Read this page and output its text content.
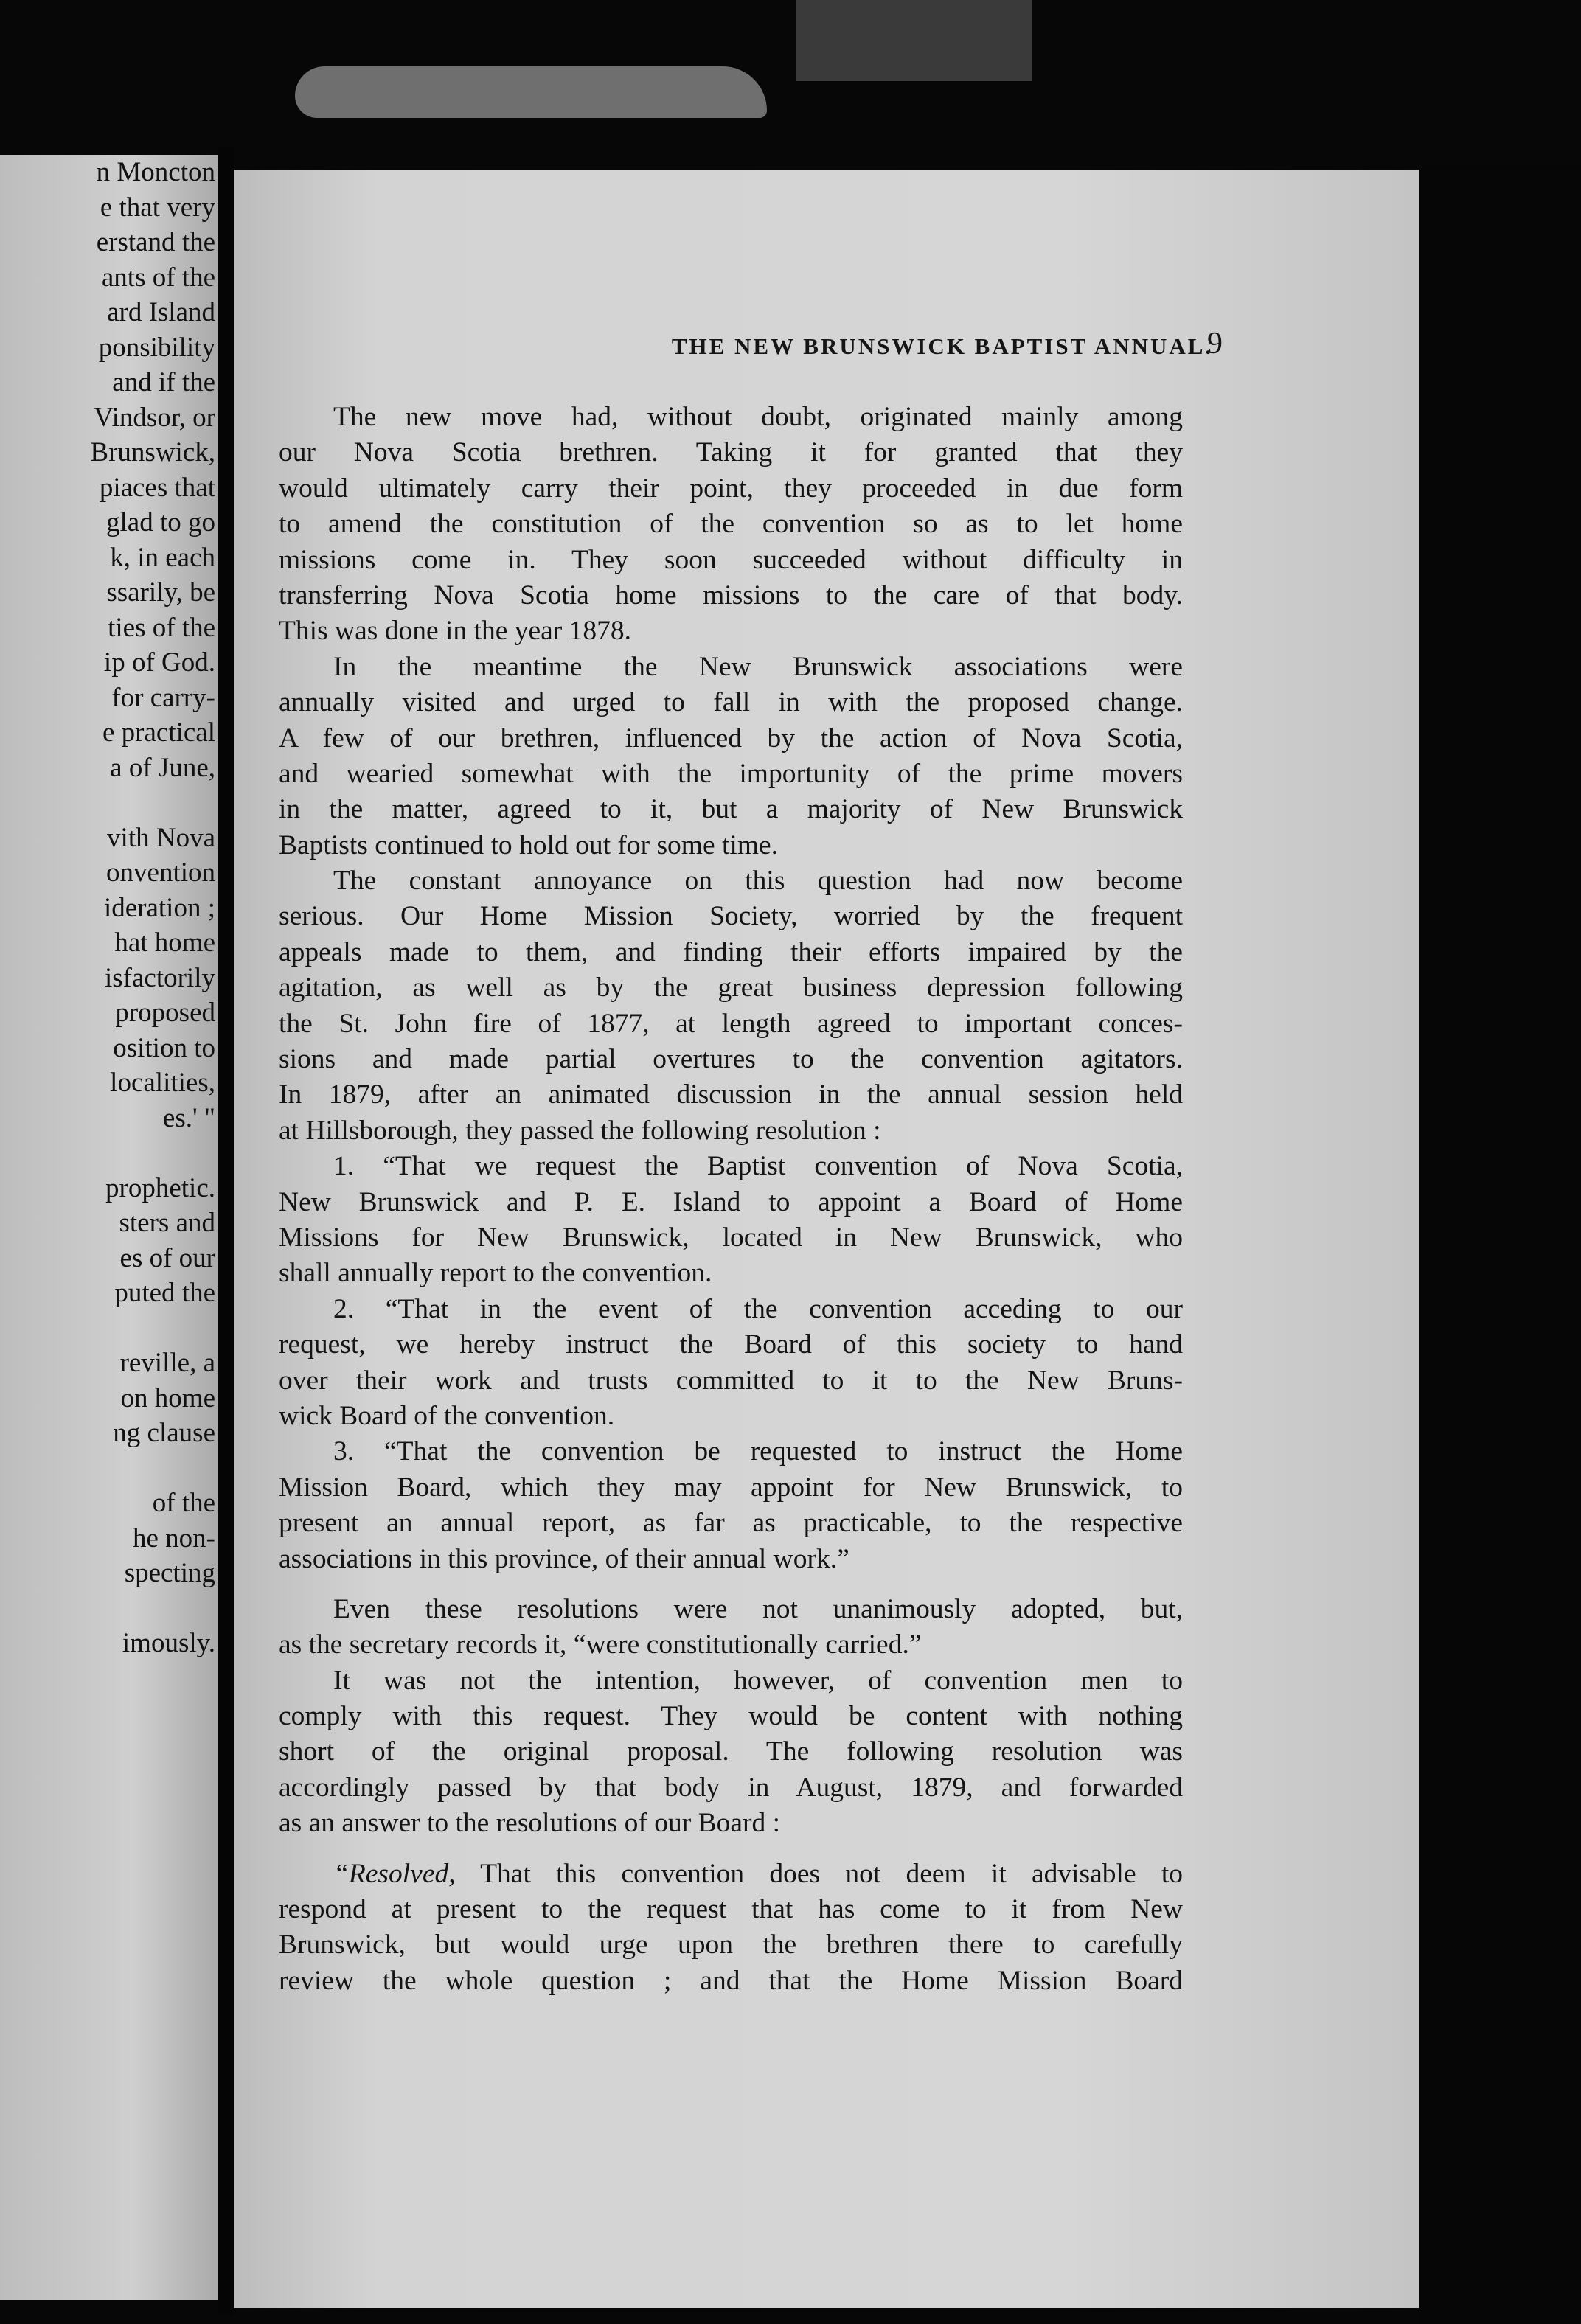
n Moncton
e that very
erstand the
ants of the
ard Island
ponsibility
and if the
Vindsor, or
Brunswick,
piaces that
glad to go
k, in each
ssarily, be
ties of the
ip of God.
for carry-
e practical
a of June,
vith Nova
onvention
ideration ;
hat home
isfactorily
proposed
osition to
localities,
es.' "
prophetic.
sters and
es of our
puted the
reville, a
on home
ng clause
of the
he non-
specting
imously.
THE NEW BRUNSWICK BAPTIST ANNUAL.
9
The new move had, without doubt, originated mainly among
our Nova Scotia brethren. Taking it for granted that they
would ultimately carry their point, they proceeded in due form
to amend the constitution of the convention so as to let home
missions come in. They soon succeeded without difficulty in
transferring Nova Scotia home missions to the care of that body.
This was done in the year 1878.
In the meantime the New Brunswick associations were
annually visited and urged to fall in with the proposed change.
A few of our brethren, influenced by the action of Nova Scotia,
and wearied somewhat with the importunity of the prime movers
in the matter, agreed to it, but a majority of New Brunswick
Baptists continued to hold out for some time.
The constant annoyance on this question had now become
serious. Our Home Mission Society, worried by the frequent
appeals made to them, and finding their efforts impaired by the
agitation, as well as by the great business depression following
the St. John fire of 1877, at length agreed to important conces-
sions and made partial overtures to the convention agitators.
In 1879, after an animated discussion in the annual session held
at Hillsborough, they passed the following resolution :
1. “That we request the Baptist convention of Nova Scotia,
New Brunswick and P. E. Island to appoint a Board of Home
Missions for New Brunswick, located in New Brunswick, who
shall annually report to the convention.
2. “That in the event of the convention acceding to our
request, we hereby instruct the Board of this society to hand
over their work and trusts committed to it to the New Bruns-
wick Board of the convention.
3. “That the convention be requested to instruct the Home
Mission Board, which they may appoint for New Brunswick, to
present an annual report, as far as practicable, to the respective
associations in this province, of their annual work.”
Even these resolutions were not unanimously adopted, but,
as the secretary records it, “were constitutionally carried.”
It was not the intention, however, of convention men to
comply with this request. They would be content with nothing
short of the original proposal. The following resolution was
accordingly passed by that body in August, 1879, and forwarded
as an answer to the resolutions of our Board :
“Resolved, That this convention does not deem it advisable to
respond at present to the request that has come to it from New
Brunswick, but would urge upon the brethren there to carefully
review the whole question ; and that the Home Mission Board
